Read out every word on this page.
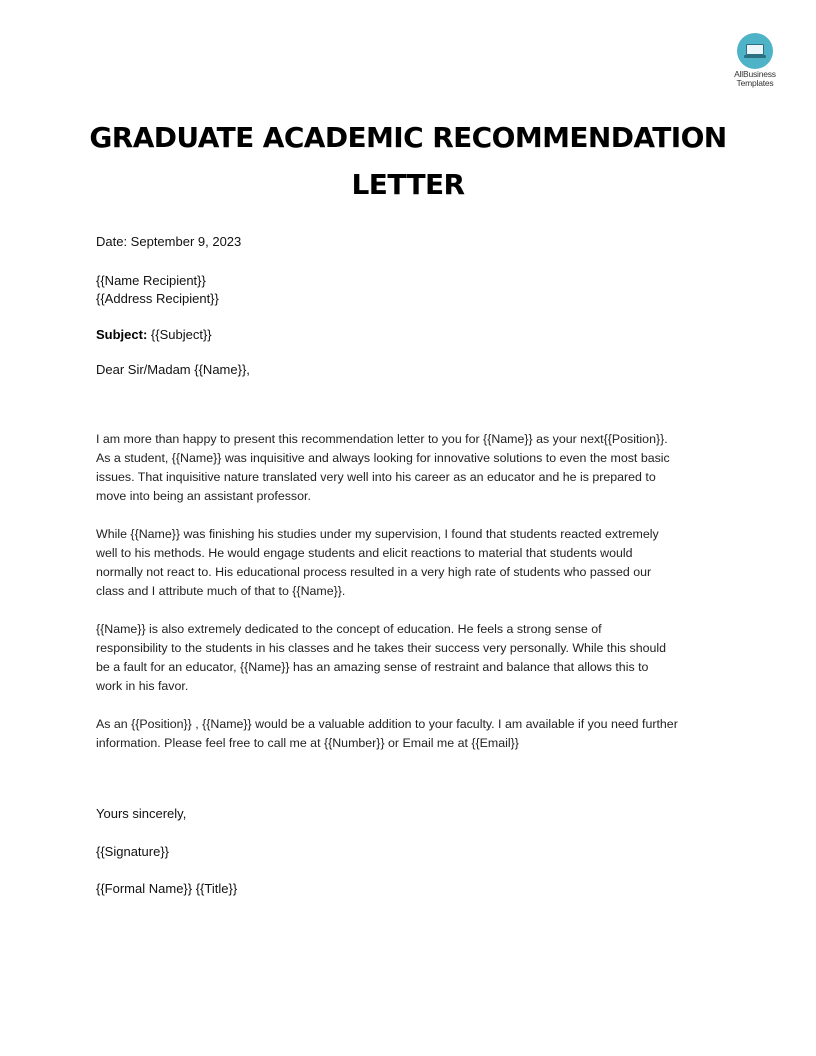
AllBusiness
Templates
GRADUATE ACADEMIC RECOMMENDATION
LETTER
Date: September 9, 2023
{{Name Recipient}}
{{Address Recipient}}
Subject: {{Subject}}
Dear Sir/Madam {{Name}},
I am more than happy to present this recommendation letter to you for {{Name}} as your next{{Position}}.
As a student, {{Name}} was inquisitive and always looking for innovative solutions to even the most basic
issues. That inquisitive nature translated very well into his career as an educator and he is prepared to
move into being an assistant professor.
While {{Name}} was finishing his studies under my supervision, I found that students reacted extremely
well to his methods. He would engage students and elicit reactions to material that students would
normally not react to. His educational process resulted in a very high rate of students who passed our
class and I attribute much of that to {{Name}}.
{{Name}} is also extremely dedicated to the concept of education. He feels a strong sense of
responsibility to the students in his classes and he takes their success very personally. While this should
be a fault for an educator, {{Name}} has an amazing sense of restraint and balance that allows this to
work in his favor.
As an {{Position}} , {{Name}} would be a valuable addition to your faculty. I am available if you need further
information. Please feel free to call me at {{Number}} or Email me at {{Email}}
Yours sincerely,
{{Signature}}
{{Formal Name}} {{Title}}
